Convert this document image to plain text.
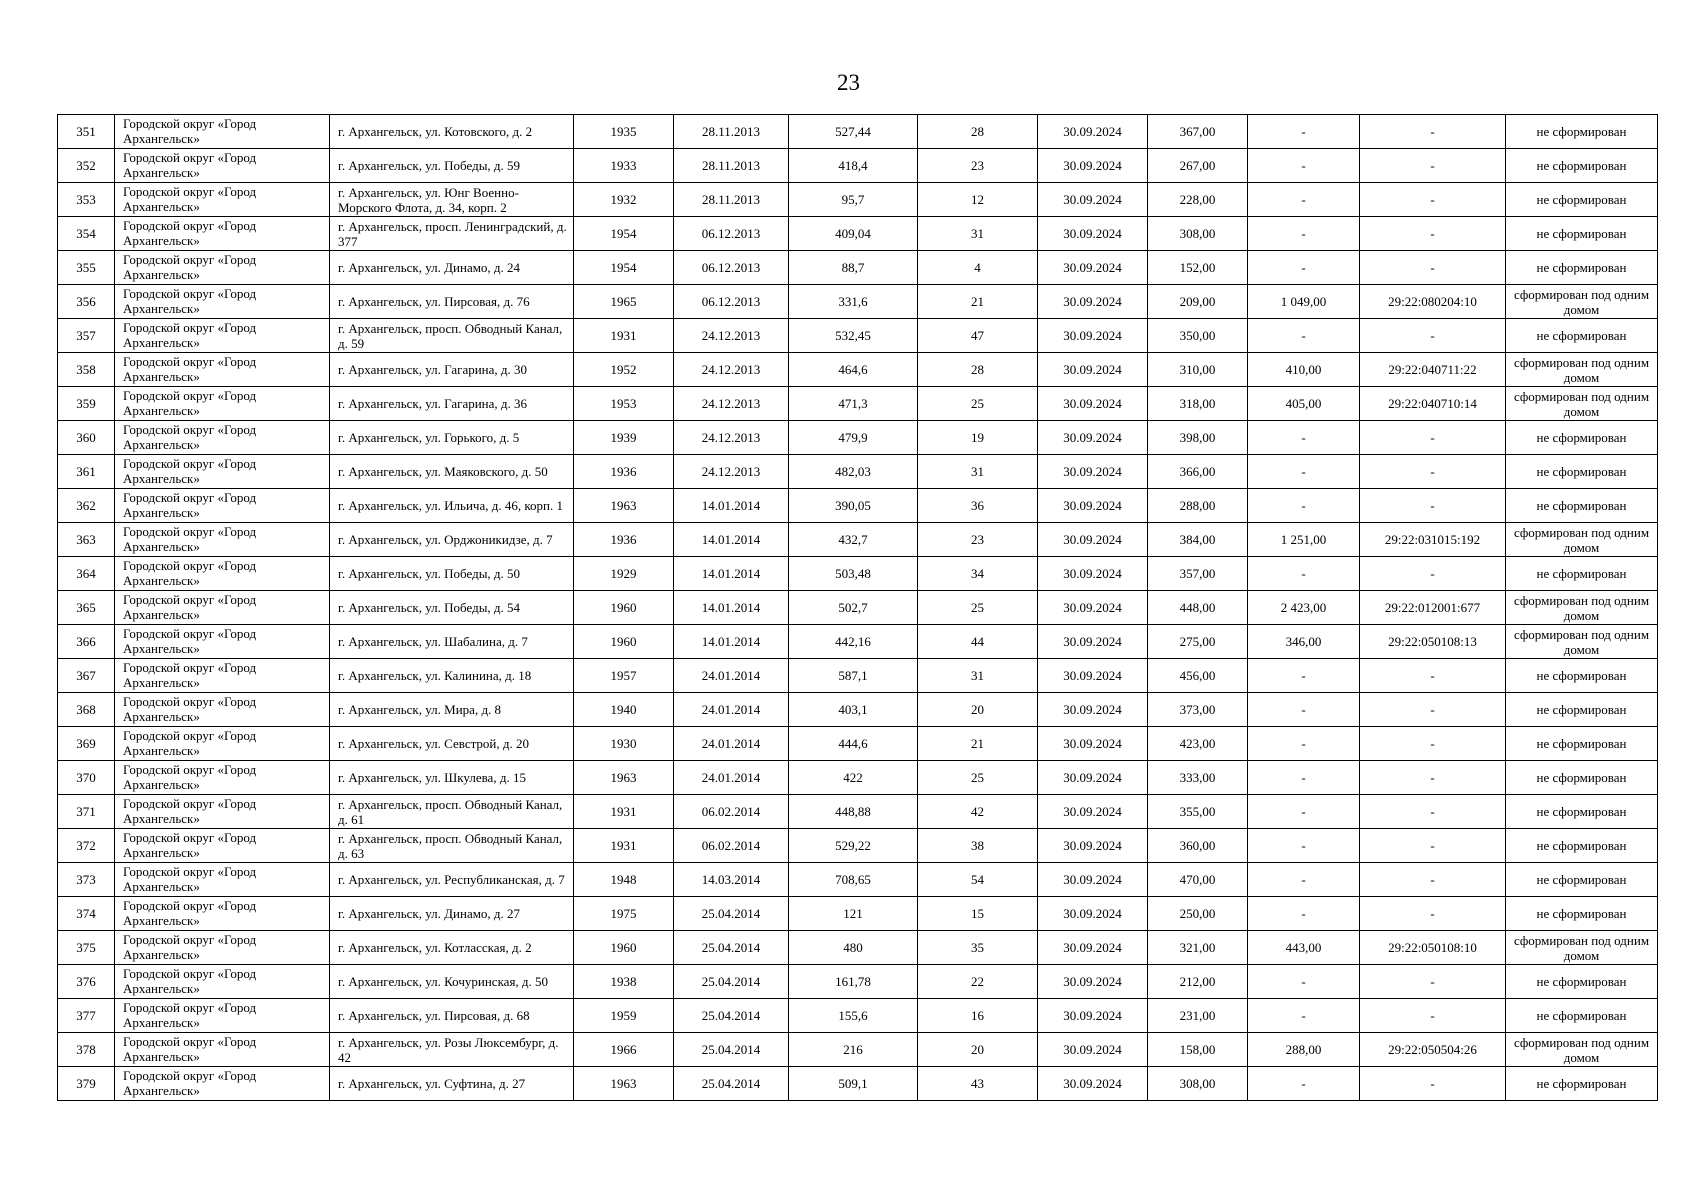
23
351	Городской округ «Город Архангельск»	г. Архангельск, ул. Котовского, д. 2	1935	28.11.2013	527,44	28	30.09.2024	367,00	-	-	не сформирован
352	Городской округ «Город Архангельск»	г. Архангельск, ул. Победы, д. 59	1933	28.11.2013	418,4	23	30.09.2024	267,00	-	-	не сформирован
353	Городской округ «Город Архангельск»	г. Архангельск, ул. Юнг Военно-Морского Флота, д. 34, корп. 2	1932	28.11.2013	95,7	12	30.09.2024	228,00	-	-	не сформирован
354	Городской округ «Город Архангельск»	г. Архангельск, просп. Ленинградский, д. 377	1954	06.12.2013	409,04	31	30.09.2024	308,00	-	-	не сформирован
355	Городской округ «Город Архангельск»	г. Архангельск, ул. Динамо, д. 24	1954	06.12.2013	88,7	4	30.09.2024	152,00	-	-	не сформирован
356	Городской округ «Город Архангельск»	г. Архангельск, ул. Пирсовая, д. 76	1965	06.12.2013	331,6	21	30.09.2024	209,00	1 049,00	29:22:080204:10	сформирован под одним домом
357	Городской округ «Город Архангельск»	г. Архангельск, просп. Обводный Канал, д. 59	1931	24.12.2013	532,45	47	30.09.2024	350,00	-	-	не сформирован
358	Городской округ «Город Архангельск»	г. Архангельск, ул. Гагарина, д. 30	1952	24.12.2013	464,6	28	30.09.2024	310,00	410,00	29:22:040711:22	сформирован под одним домом
359	Городской округ «Город Архангельск»	г. Архангельск, ул. Гагарина, д. 36	1953	24.12.2013	471,3	25	30.09.2024	318,00	405,00	29:22:040710:14	сформирован под одним домом
360	Городской округ «Город Архангельск»	г. Архангельск, ул. Горького, д. 5	1939	24.12.2013	479,9	19	30.09.2024	398,00	-	-	не сформирован
361	Городской округ «Город Архангельск»	г. Архангельск, ул. Маяковского, д. 50	1936	24.12.2013	482,03	31	30.09.2024	366,00	-	-	не сформирован
362	Городской округ «Город Архангельск»	г. Архангельск, ул. Ильича, д. 46, корп. 1	1963	14.01.2014	390,05	36	30.09.2024	288,00	-	-	не сформирован
363	Городской округ «Город Архангельск»	г. Архангельск, ул. Орджоникидзе, д. 7	1936	14.01.2014	432,7	23	30.09.2024	384,00	1 251,00	29:22:031015:192	сформирован под одним домом
364	Городской округ «Город Архангельск»	г. Архангельск, ул. Победы, д. 50	1929	14.01.2014	503,48	34	30.09.2024	357,00	-	-	не сформирован
365	Городской округ «Город Архангельск»	г. Архангельск, ул. Победы, д. 54	1960	14.01.2014	502,7	25	30.09.2024	448,00	2 423,00	29:22:012001:677	сформирован под одним домом
366	Городской округ «Город Архангельск»	г. Архангельск, ул. Шабалина, д. 7	1960	14.01.2014	442,16	44	30.09.2024	275,00	346,00	29:22:050108:13	сформирован под одним домом
367	Городской округ «Город Архангельск»	г. Архангельск, ул. Калинина, д. 18	1957	24.01.2014	587,1	31	30.09.2024	456,00	-	-	не сформирован
368	Городской округ «Город Архангельск»	г. Архангельск, ул. Мира, д. 8	1940	24.01.2014	403,1	20	30.09.2024	373,00	-	-	не сформирован
369	Городской округ «Город Архангельск»	г. Архангельск, ул. Севстрой, д. 20	1930	24.01.2014	444,6	21	30.09.2024	423,00	-	-	не сформирован
370	Городской округ «Город Архангельск»	г. Архангельск, ул. Шкулева, д. 15	1963	24.01.2014	422	25	30.09.2024	333,00	-	-	не сформирован
371	Городской округ «Город Архангельск»	г. Архангельск, просп. Обводный Канал, д. 61	1931	06.02.2014	448,88	42	30.09.2024	355,00	-	-	не сформирован
372	Городской округ «Город Архангельск»	г. Архангельск, просп. Обводный Канал, д. 63	1931	06.02.2014	529,22	38	30.09.2024	360,00	-	-	не сформирован
373	Городской округ «Город Архангельск»	г. Архангельск, ул. Республиканская, д. 7	1948	14.03.2014	708,65	54	30.09.2024	470,00	-	-	не сформирован
374	Городской округ «Город Архангельск»	г. Архангельск, ул. Динамо, д. 27	1975	25.04.2014	121	15	30.09.2024	250,00	-	-	не сформирован
375	Городской округ «Город Архангельск»	г. Архангельск, ул. Котласская, д. 2	1960	25.04.2014	480	35	30.09.2024	321,00	443,00	29:22:050108:10	сформирован под одним домом
376	Городской округ «Город Архангельск»	г. Архангельск, ул. Кочуринская, д. 50	1938	25.04.2014	161,78	22	30.09.2024	212,00	-	-	не сформирован
377	Городской округ «Город Архангельск»	г. Архангельск, ул. Пирсовая, д. 68	1959	25.04.2014	155,6	16	30.09.2024	231,00	-	-	не сформирован
378	Городской округ «Город Архангельск»	г. Архангельск, ул. Розы Люксембург, д. 42	1966	25.04.2014	216	20	30.09.2024	158,00	288,00	29:22:050504:26	сформирован под одним домом
379	Городской округ «Город Архангельск»	г. Архангельск, ул. Суфтина, д. 27	1963	25.04.2014	509,1	43	30.09.2024	308,00	-	-	не сформирован
